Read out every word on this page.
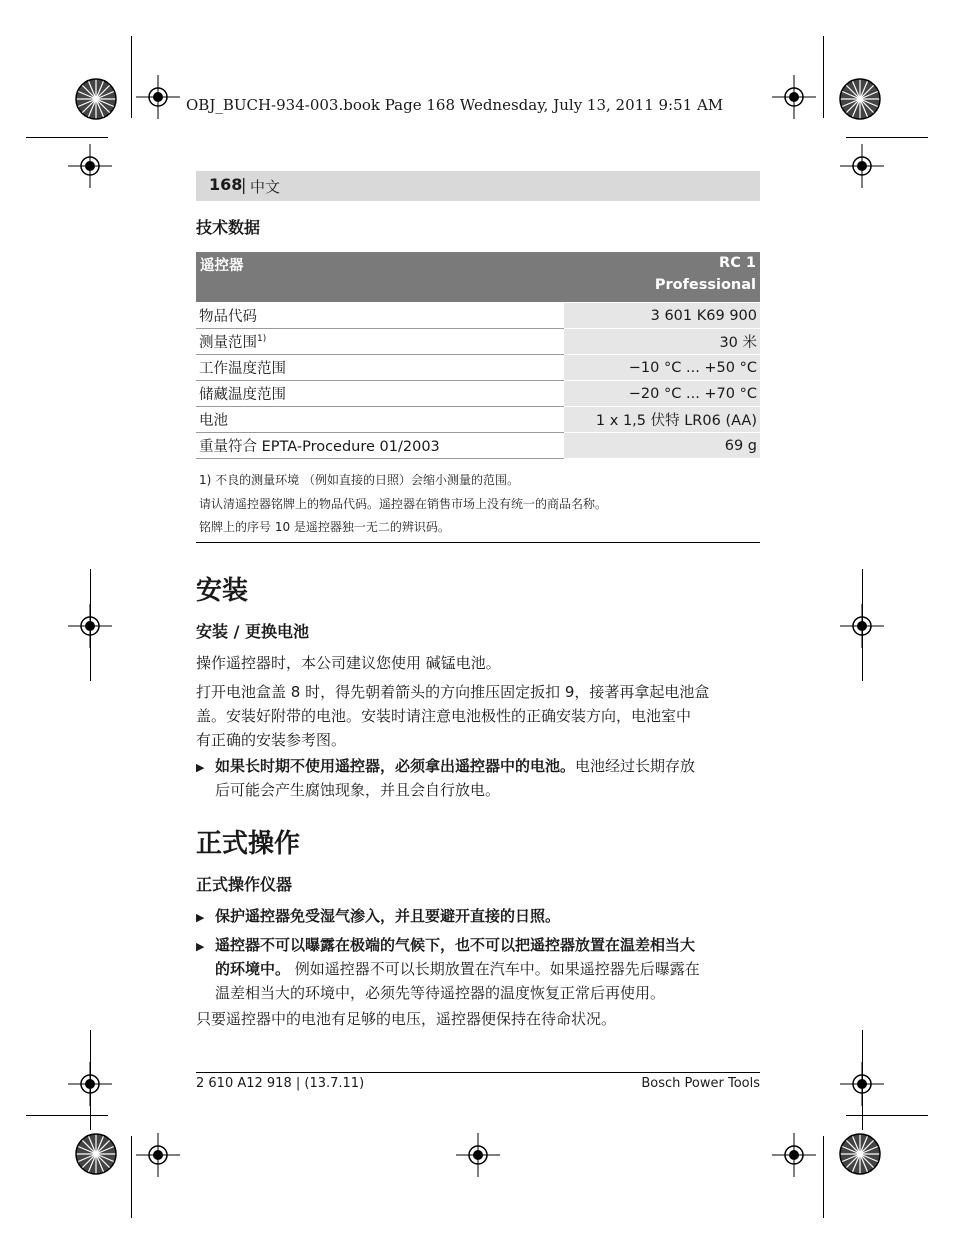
OBJ_BUCH-934-003.book Page 168 Wednesday, July 13, 2011 9:51 AM
168
| 中文
技术数据
遥控器	RC 1
Professional
物品代码	3 601 K69 900
测量范围$^{1)}$	30 米
工作温度范围	−10 °C ... +50 °C
储藏温度范围	−20 °C ... +70 °C
电池	1 x 1,5 伏特 LR06 (AA)
重量符合 EPTA-Procedure 01/2003	69 g
1) 不良的测量环境 （例如直接的日照）会缩小测量的范围。
请认清遥控器铭牌上的物品代码。遥控器在销售市场上没有统一的商品名称。
铭牌上的序号 10 是遥控器独一无二的辨识码。
安装
安装 / 更换电池
操作遥控器时，本公司建议您使用 碱锰电池。
打开电池盒盖 8 时，得先朝着箭头的方向推压固定扳扣 9，接著再拿起电池盒
盖。安装好附带的电池。安装时请注意电池极性的正确安装方向，电池室中
有正确的安装参考图。
▶ 如果长时期不使用遥控器，必须拿出遥控器中的电池。电池经过长期存放
后可能会产生腐蚀现象，并且会自行放电。
正式操作
正式操作仪器
▶ 保护遥控器免受湿气渗入，并且要避开直接的日照。
▶ 遥控器不可以曝露在极端的气候下，也不可以把遥控器放置在温差相当大
的环境中。 例如遥控器不可以长期放置在汽车中。如果遥控器先后曝露在
温差相当大的环境中，必须先等待遥控器的温度恢复正常后再使用。
只要遥控器中的电池有足够的电压，遥控器便保持在待命状况。
2 610 A12 918 | (13.7.11)	Bosch Power Tools
